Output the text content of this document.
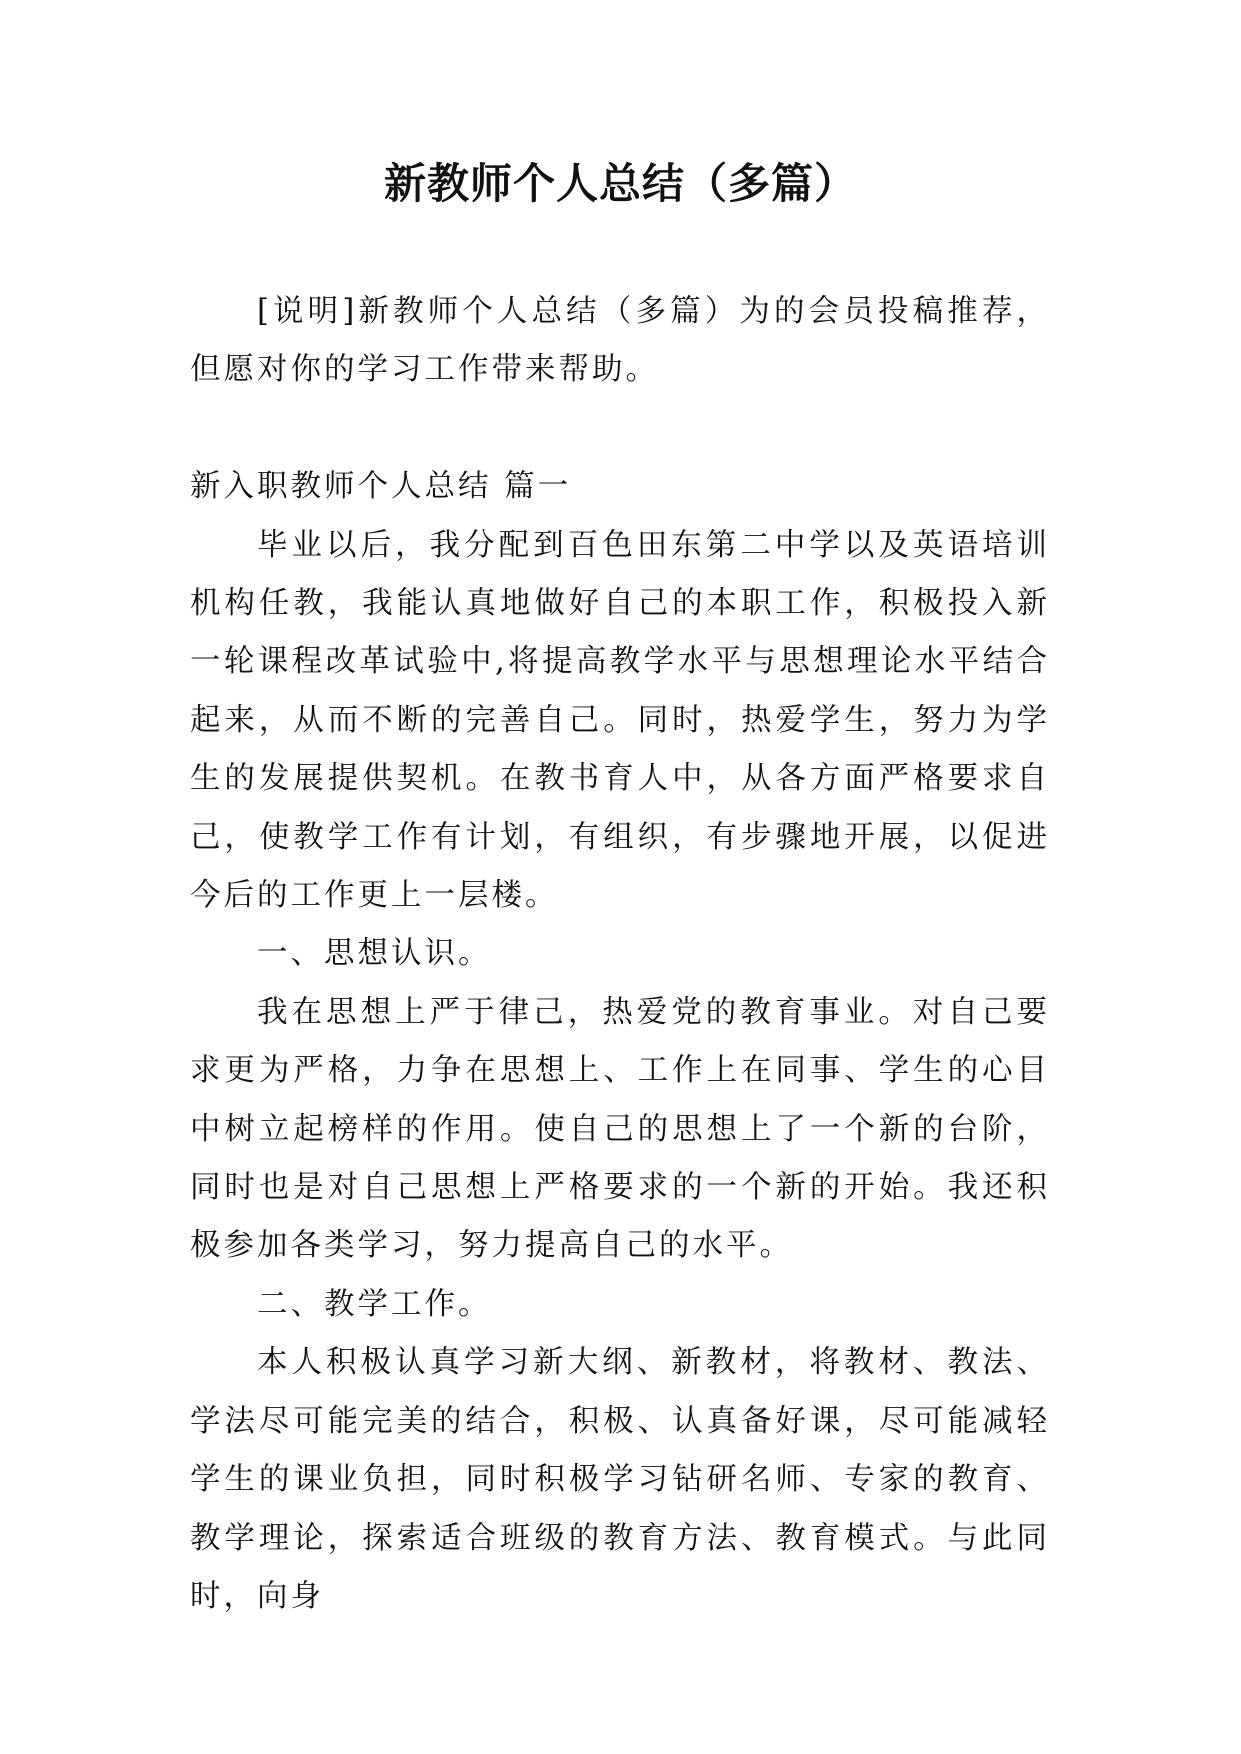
新教师个人总结（多篇）

[说明]新教师个人总结（多篇）为的会员投稿推荐，但愿对你的学习工作带来帮助。

新入职教师个人总结 篇一

毕业以后，我分配到百色田东第二中学以及英语培训机构任教，我能认真地做好自己的本职工作，积极投入新一轮课程改革试验中,将提高教学水平与思想理论水平结合起来，从而不断的完善自己。同时，热爱学生，努力为学生的发展提供契机。在教书育人中，从各方面严格要求自己，使教学工作有计划，有组织，有步骤地开展，以促进今后的工作更上一层楼。

一、思想认识。

我在思想上严于律己，热爱党的教育事业。对自己要求更为严格，力争在思想上、工作上在同事、学生的心目中树立起榜样的作用。使自己的思想上了一个新的台阶，同时也是对自己思想上严格要求的一个新的开始。我还积极参加各类学习，努力提高自己的水平。

二、教学工作。

本人积极认真学习新大纲、新教材，将教材、教法、学法尽可能完美的结合，积极、认真备好课，尽可能减轻学生的课业负担，同时积极学习钻研名师、专家的教育、教学理论，探索适合班级的教育方法、教育模式。与此同时，向身
